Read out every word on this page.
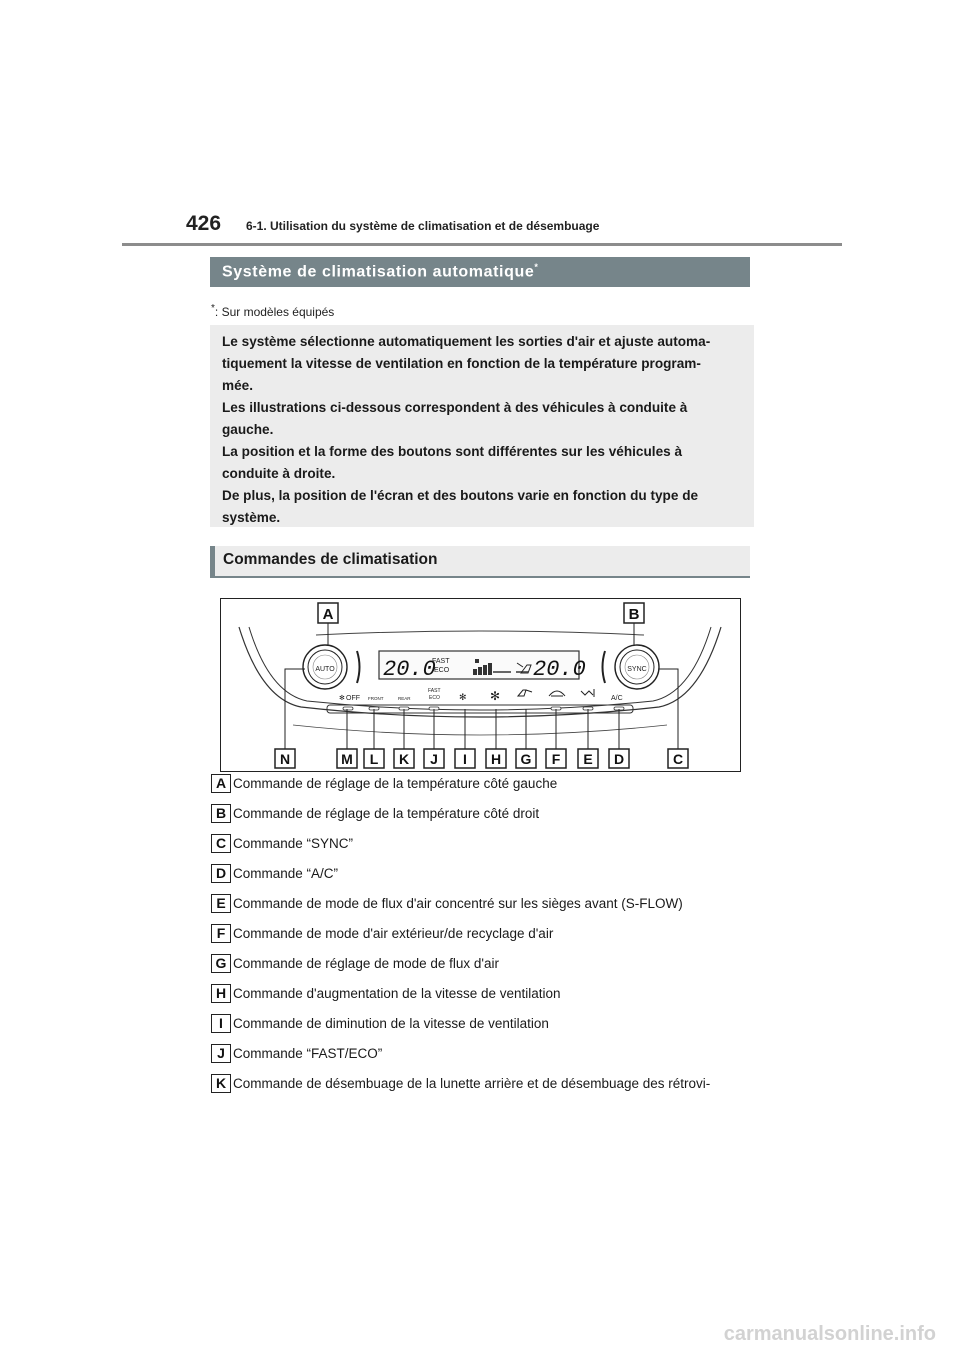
426 6-1. Utilisation du système de climatisation et de désembuage
Système de climatisation automatique*
*: Sur modèles équipés

Le système sélectionne automatiquement les sorties d'air et ajuste automa-

tiquement la vitesse de ventilation en fonction de la température program-

mée.

Les illustrations ci-dessous correspondent à des véhicules à conduite à

gauche.

La position et la forme des boutons sont différentes sur les véhicules à

conduite à droite.

De plus, la position de l'écran et des boutons varie en fonction du type de

système.

Commandes de climatisation
AUTO	SYNC
20.0
FAST
ECO	20.0
✻ OFF FRONT	REAR
FAST
ECO ✻ ✻	A/C
A	B
N	M L K J I H G F E D	C
A Commande de réglage de la température côté gauche
B Commande de réglage de la température côté droit
C Commande “SYNC”
D Commande “A/C”
E Commande de mode de flux d'air concentré sur les sièges avant (S-FLOW)
F Commande de mode d'air extérieur/de recyclage d'air
G Commande de réglage de mode de flux d'air
H Commande d'augmentation de la vitesse de ventilation
I Commande de diminution de la vitesse de ventilation
J Commande “FAST/ECO”
K Commande de désembuage de la lunette arrière et de désembuage des rétrovi-
carmanualsonline.info
